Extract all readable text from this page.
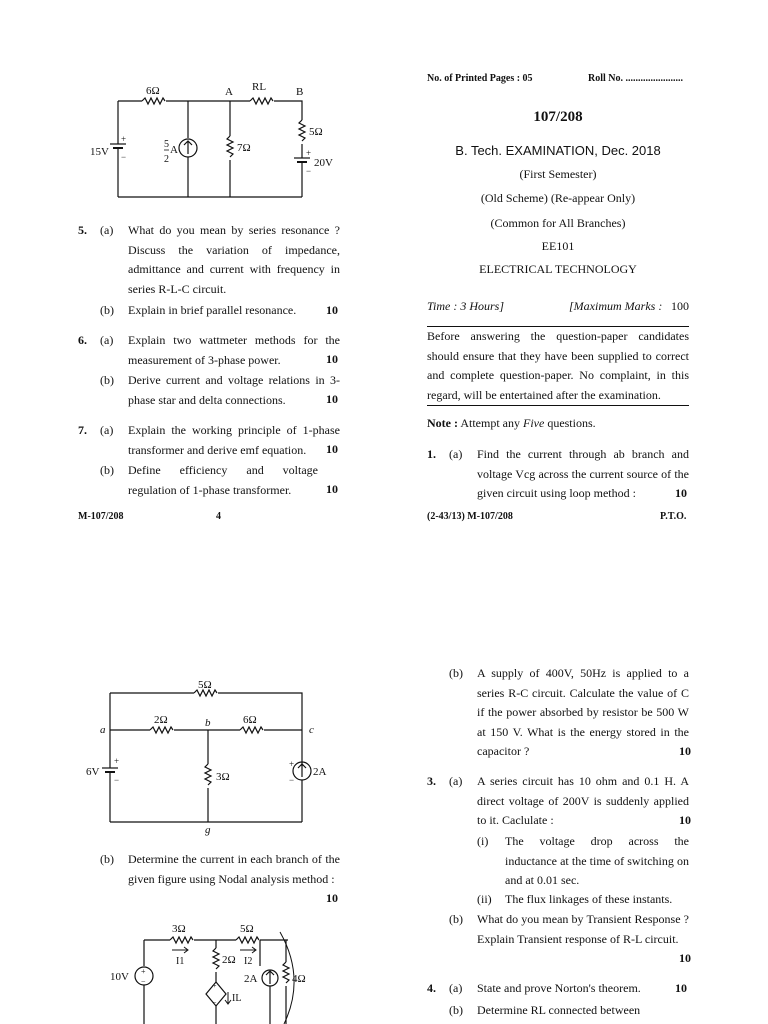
6Ω	A RL	B
5Ω
15V
+
−
5
2
A	7Ω
20V
+
−
5. (a) What do you mean by series resonance ? Discuss the variation of impedance, admittance and current with frequency in series R-L-C circuit.
(b) Explain in brief parallel resonance.	10
6. (a) Explain two wattmeter methods for the measurement of 3-phase power.	10
(b) Derive current and voltage relations in 3-phase star and delta connections.	10
7. (a) Explain the working principle of 1-phase transformer and derive emf equation.	10
(b) Define efficiency and voltage regulation of 1-phase transformer.	10
M-107/208	4
No. of Printed Pages : 05	Roll No. .......................
107/208
B. Tech. EXAMINATION, Dec. 2018
(First Semester)
(Old Scheme) (Re-appear Only)
(Common for All Branches)
EE101
ELECTRICAL TECHNOLOGY
Time : 3 Hours]	[Maximum Marks : 100
Before answering the question-paper candidates should ensure that they have been supplied to correct and complete question-paper. No complaint, in this regard, will be entertained after the examination.
Note : Attempt any Five questions.
1. (a) Find the current through ab branch and voltage Vcg across the current source of the given circuit using loop method :	10
(2-43/13) M-107/208	P.T.O.
5Ω
2Ω	b	6Ω
a	c
6V
+
−	3Ω	2A
+
−
g
(b) Determine the current in each branch of the given figure using Nodal analysis method :
10
3Ω	5Ω
I1	I2
10V +
−
2Ω
2A	4Ω
IL
+
−
(b) A supply of 400V, 50Hz is applied to a series R-C circuit. Calculate the value of C if the power absorbed by resistor be 500 W at 150 V. What is the energy stored in the capacitor ?	10
3. (a) A series circuit has 10 ohm and 0.1 H. A direct voltage of 200V is suddenly applied to it. Caclulate :	10
(i) The voltage drop across the inductance at the time of switching on and at 0.01 sec.
(ii) The flux linkages of these instants.
(b) What do you mean by Transient Response ? Explain Transient response of R-L circuit.
10
4. (a) State and prove Norton's theorem.	10
(b) Determine RL connected between
